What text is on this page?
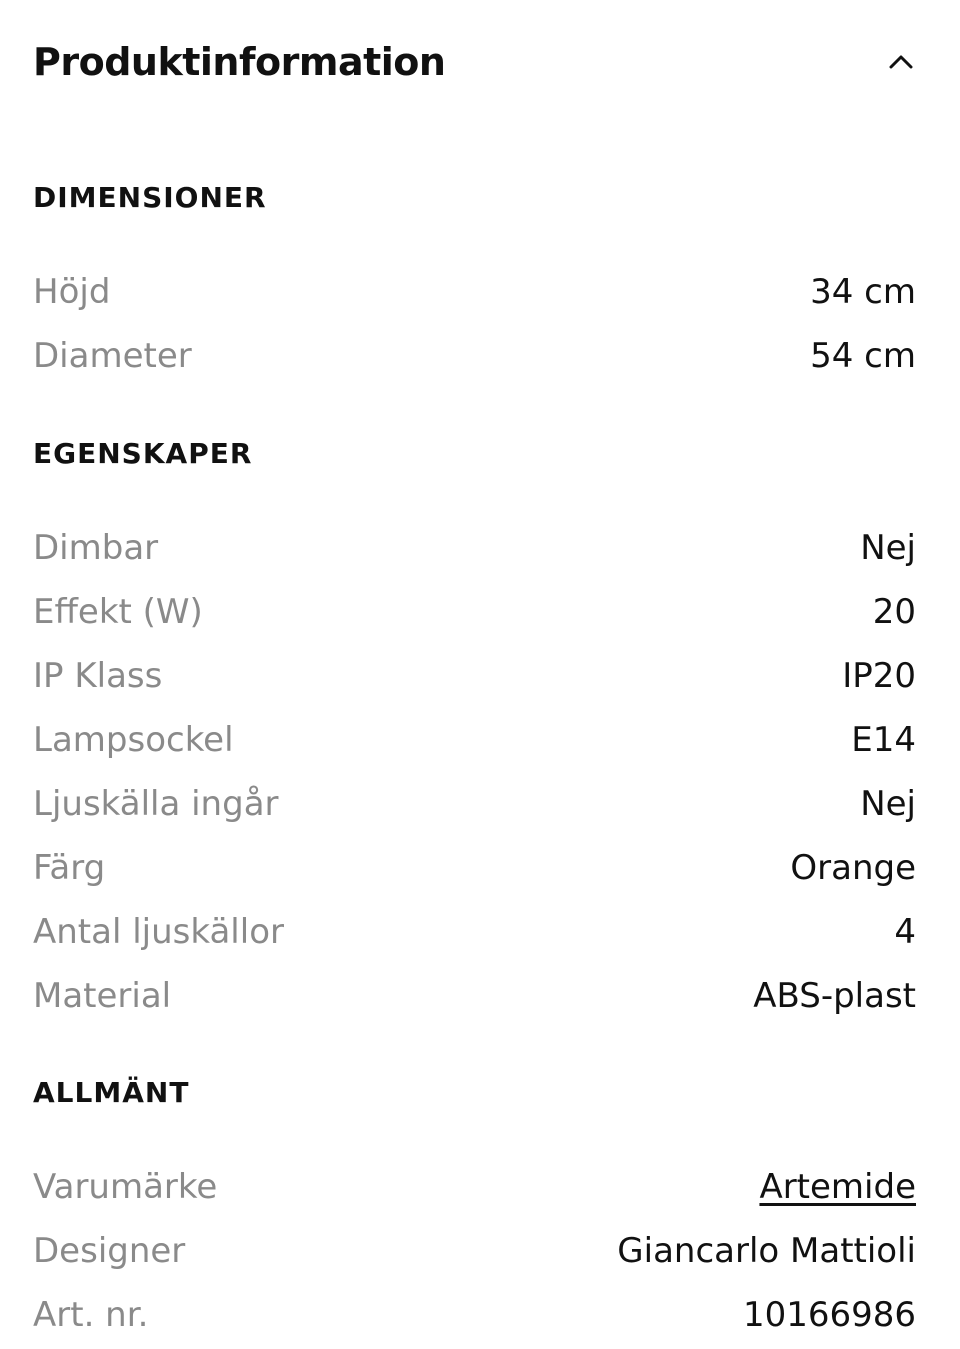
Produktinformation
DIMENSIONER
Höjd	34 cm
Diameter	54 cm
EGENSKAPER
Dimbar	Nej
Effekt (W)	20
IP Klass	IP20
Lampsockel	E14
Ljuskälla ingår	Nej
Färg	Orange
Antal ljuskällor	4
Material	ABS-plast
ALLMÄNT
Varumärke	Artemide
Designer	Giancarlo Mattioli
Art. nr.	10166986
